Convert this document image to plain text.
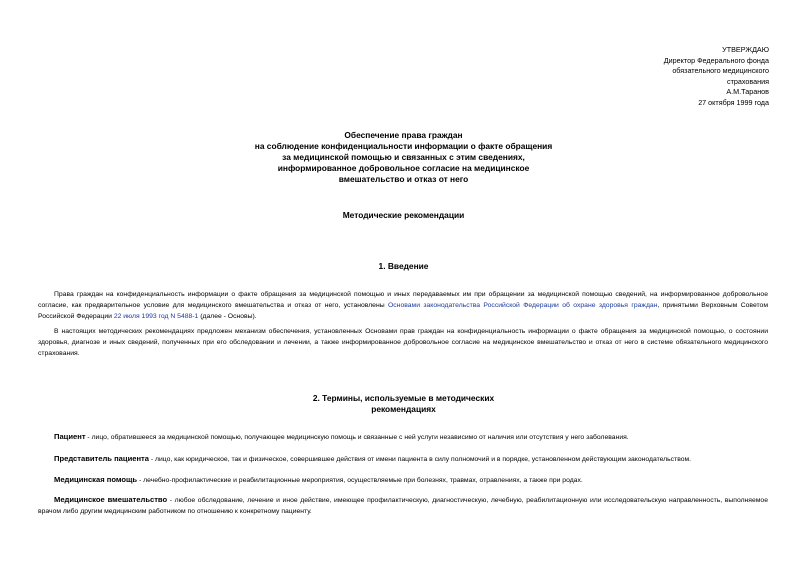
УТВЕРЖДАЮ
Директор Федерального фонда
обязательного медицинского
страхования
А.М.Таранов
27 октября 1999 года
Обеспечение права граждан
на соблюдение конфиденциальности информации о факте обращения
за медицинской помощью и связанных с этим сведениях,
информированное добровольное согласие на медицинское
вмешательство и отказ от него
Методические рекомендации
1. Введение
Права граждан на конфиденциальность информации о факте обращения за медицинской помощью и иных передаваемых им при обращении за медицинской помощью сведений, на информированное добровольное согласие, как предварительное условие для медицинского вмешательства и отказ от него, установлены Основами законодательства Российской Федерации об охране здоровья граждан, принятыми Верховным Советом Российской Федерации 22 июля 1993 год N 5488-1 (далее - Основы).
В настоящих методических рекомендациях предложен механизм обеспечения, установленных Основами прав граждан на конфиденциальность информации о факте обращения за медицинской помощью, о состоянии здоровья, диагнозе и иных сведений, полученных при его обследовании и лечении, а также информированное добровольное согласие на медицинское вмешательство и отказ от него в системе обязательного медицинского страхования.
2. Термины, используемые в методических
рекомендациях
Пациент - лицо, обратившееся за медицинской помощью, получающее медицинскую помощь и связанные с ней услуги независимо от наличия или отсутствия у него заболевания.
Представитель пациента - лицо, как юридическое, так и физическое, совершившее действия от имени пациента в силу полномочий и в порядке, установленном действующим законодательством.
Медицинская помощь - лечебно-профилактические и реабилитационные мероприятия, осуществляемые при болезнях, травмах, отравлениях, а также при родах.
Медицинское вмешательство - любое обследование, лечение и иное действие, имеющее профилактическую, диагностическую, лечебную, реабилитационную или исследовательскую направленность, выполняемое врачом либо другим медицинским работником по отношению к конкретному пациенту.
